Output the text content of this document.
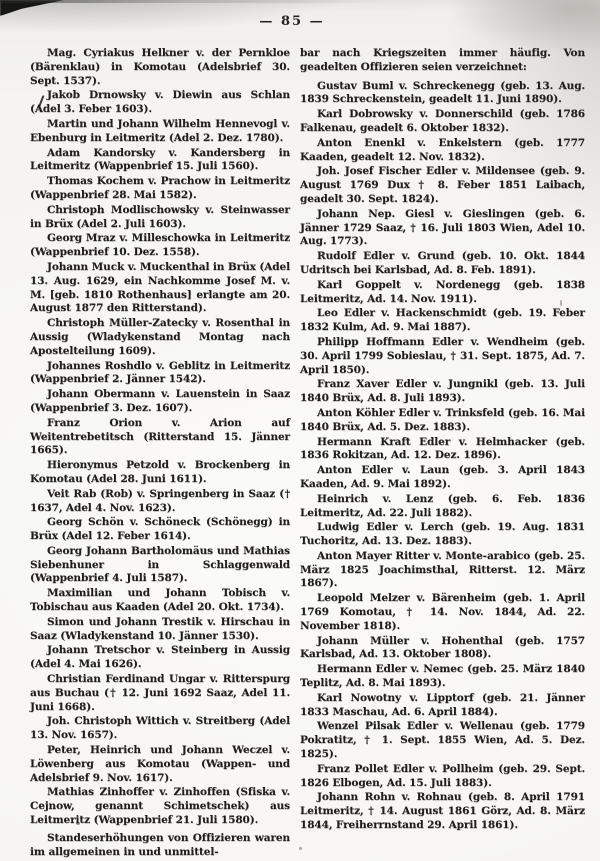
— 85 —

Mag. Cyriakus Helkner v. der Pernkloe (Bärenklau) in Komotau (Adelsbrief 30. Sept. 1537).

Jakob Drnowsky v. Diewin aus Schlan (Adel 3. Feber 1603).

Martin und Johann Wilhelm Hennevogl v. Ebenburg in Leitmeritz (Adel 2. Dez. 1780).

Adam Kandorsky v. Kandersberg in Leitmeritz (Wappenbrief 15. Juli 1560).

Thomas Kochem v. Prachow in Leitmeritz (Wappenbrief 28. Mai 1582).

Christoph Modlischowsky v. Steinwasser in Brüx (Adel 2. Juli 1603).

Georg Mraz v. Milleschowka in Leitmeritz (Wappenbrief 10. Dez. 1558).

Johann Muck v. Muckenthal in Brüx (Adel 13. Aug. 1629, ein Nachkomme Josef M. v. M. [geb. 1810 Rothenhaus] erlangte am 20. August 1877 den Ritterstand).

Christoph Müller-Zatecky v. Rosenthal in Aussig (Wladykenstand Montag nach Apostelteilung 1609).

Johannes Roshdlo v. Geblitz in Leitmeritz (Wappenbrief 2. Jänner 1542).

Johann Obermann v. Lauenstein in Saaz (Wappenbrief 3. Dez. 1607).

Franz Orion v. Arion auf Weitentrebetitsch (Ritterstand 15. Jänner 1665).

Hieronymus Petzold v. Brockenberg in Komotau (Adel 28. Juni 1611).

Veit Rab (Rob) v. Springenberg in Saaz († 1637, Adel 4. Nov. 1623).

Georg Schön v. Schöneck (Schönegg) in Brüx (Adel 12. Feber 1614).

Georg Johann Bartholomäus und Mathias Siebenhuner in Schlaggenwald (Wappenbrief 4. Juli 1587).

Maximilian und Johann Tobisch v. Tobischau aus Kaaden (Adel 20. Okt. 1734).

Simon und Johann Trestik v. Hirschau in Saaz (Wladykenstand 10. Jänner 1530).

Johann Tretschor v. Steinberg in Aussig (Adel 4. Mai 1626).

Christian Ferdinand Ungar v. Ritterspurg aus Buchau († 12. Juni 1692 Saaz, Adel 11. Juni 1668).

Joh. Christoph Wittich v. Streitberg (Adel 13. Nov. 1657).

Peter, Heinrich und Johann Weczel v. Löwenberg aus Komotau (Wappen- und Adelsbrief 9. Nov. 1617).

Mathias Zinhoffer v. Zinhoffen (Sfiska v. Cejnow, genannt Schimetschek) aus Leitmeritz (Wappenbrief 21. Juli 1580).

Standeserhöhungen von Offizieren waren im allgemeinen in und unmittel-

bar nach Kriegszeiten immer häufig. Von geadelten Offizieren seien verzeichnet:

Gustav Buml v. Schreckenegg (geb. 13. Aug. 1839 Schreckenstein, geadelt 11. Juni 1890).

Karl Dobrowsky v. Donnerschild (geb. 1786 Falkenau, geadelt 6. Oktober 1832).

Anton Enenkl v. Enkelstern (geb. 1777 Kaaden, geadelt 12. Nov. 1832).

Joh. Josef Fischer Edler v. Mildensee (geb. 9. August 1769 Dux † 8. Feber 1851 Laibach, geadelt 30. Sept. 1824).

Johann Nep. Giesl v. Gieslingen (geb. 6. Jänner 1729 Saaz, † 16. Juli 1803 Wien, Adel 10. Aug. 1773).

Rudolf Edler v. Grund (geb. 10. Okt. 1844 Udritsch bei Karlsbad, Ad. 8. Feb. 1891).

Karl Goppelt v. Nordenegg (geb. 1838 Leitmeritz, Ad. 14. Nov. 1911).

Leo Edler v. Hackenschmidt (geb. 19. Feber 1832 Kulm, Ad. 9. Mai 1887).

Philipp Hoffmann Edler v. Wendheim (geb. 30. April 1799 Sobieslau, † 31. Sept. 1875, Ad. 7. April 1850).

Franz Xaver Edler v. Jungnikl (geb. 13. Juli 1840 Brüx, Ad. 8. Juli 1893).

Anton Köhler Edler v. Trinksfeld (geb. 16. Mai 1840 Brüx, Ad. 5. Dez. 1883).

Hermann Kraft Edler v. Helmhacker (geb. 1836 Rokitzan, Ad. 12. Dez. 1896).

Anton Edler v. Laun (geb. 3. April 1843 Kaaden, Ad. 9. Mai 1892).

Heinrich v. Lenz (geb. 6. Feb. 1836 Leitmeritz, Ad. 22. Juli 1882).

Ludwig Edler v. Lerch (geb. 19. Aug. 1831 Tuchoritz, Ad. 13. Dez. 1883).

Anton Mayer Ritter v. Monte-arabico (geb. 25. März 1825 Joachimsthal, Ritterst. 12. März 1867).

Leopold Melzer v. Bärenheim (geb. 1. April 1769 Komotau, † 14. Nov. 1844, Ad. 22. November 1818).

Johann Müller v. Hohenthal (geb. 1757 Karlsbad, Ad. 13. Oktober 1808).

Hermann Edler v. Nemec (geb. 25. März 1840 Teplitz, Ad. 8. Mai 1893).

Karl Nowotny v. Lipptorf (geb. 21. Jänner 1833 Maschau, Ad. 6. April 1884).

Wenzel Pilsak Edler v. Wellenau (geb. 1779 Pokratitz, † 1. Sept. 1855 Wien, Ad. 5. Dez. 1825).

Franz Pollet Edler v. Pollheim (geb. 29. Sept. 1826 Elbogen, Ad. 15. Juli 1883).

Johann Rohn v. Rohnau (geb. 8. April 1791 Leitmeritz, † 14. August 1861 Görz, Ad. 8. März 1844, Freiherrnstand 29. April 1861).
